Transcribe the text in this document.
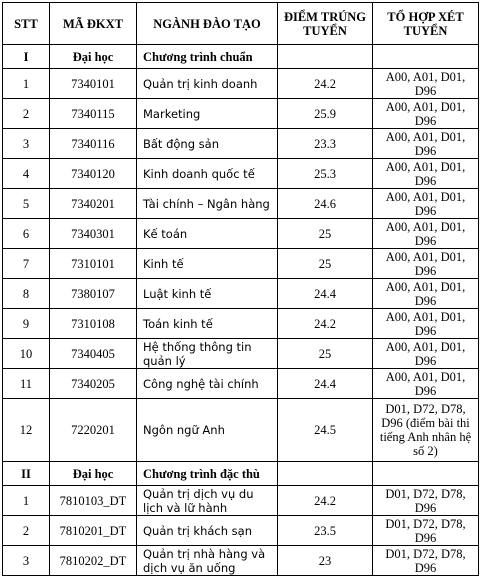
STT	MÃ ĐKXT	NGÀNH ĐÀO TẠO	ĐIỂM TRÚNG TUYỂN	TỔ HỢP XÉT TUYỂN
I	Đại học	Chương trình chuẩn		
1	7340101	Quản trị kinh doanh	24.2	A00, A01, D01, D96
2	7340115	Marketing	25.9	A00, A01, D01, D96
3	7340116	Bất động sản	23.3	A00, A01, D01, D96
4	7340120	Kinh doanh quốc tế	25.3	A00, A01, D01, D96
5	7340201	Tài chính – Ngân hàng	24.6	A00, A01, D01, D96
6	7340301	Kế toán	25	A00, A01, D01, D96
7	7310101	Kinh tế	25	A00, A01, D01, D96
8	7380107	Luật kinh tế	24.4	A00, A01, D01, D96
9	7310108	Toán kinh tế	24.2	A00, A01, D01, D96
10	7340405	Hệ thống thông tin quản lý	25	A00, A01, D01, D96
11	7340205	Công nghệ tài chính	24.4	A00, A01, D01, D96
12	7220201	Ngôn ngữ Anh	24.5	D01, D72, D78, D96 (điểm bài thi tiếng Anh nhân hệ số 2)
II	Đại học	Chương trình đặc thù		
1	7810103_DT	Quản trị dịch vụ du lịch và lữ hành	24.2	D01, D72, D78, D96
2	7810201_DT	Quản trị khách sạn	23.5	D01, D72, D78, D96
3	7810202_DT	Quản trị nhà hàng và dịch vụ ăn uống	23	D01, D72, D78, D96
